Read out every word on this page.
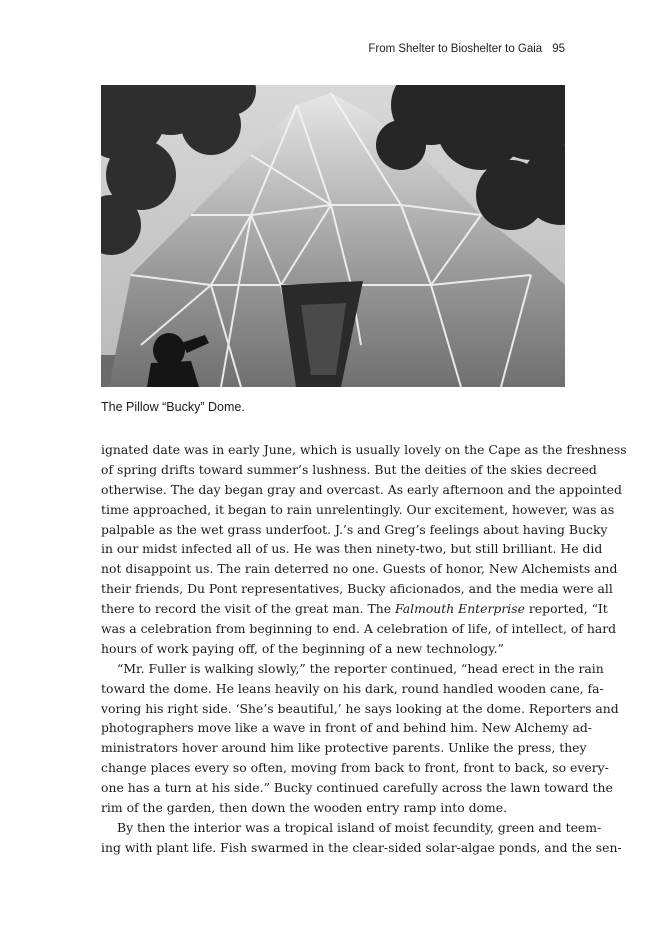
From Shelter to Bioshelter to Gaia 95
The Pillow “Bucky” Dome.
ignated date was in early June, which is usually lovely on the Cape as the freshness
of spring drifts toward summer’s lushness. But the deities of the skies decreed
otherwise. The day began gray and overcast. As early afternoon and the appointed
time approached, it began to rain unrelentingly. Our excitement, however, was as
palpable as the wet grass underfoot. J.’s and Greg’s feelings about having Bucky
in our midst infected all of us. He was then ninety-two, but still brilliant. He did
not disappoint us. The rain deterred no one. Guests of honor, New Alchemists and
their friends, Du Pont representatives, Bucky aficionados, and the media were all
there to record the visit of the great man. The Falmouth Enterprise reported, “It
was a celebration from beginning to end. A celebration of life, of intellect, of hard
hours of work paying off, of the beginning of a new technology.”
“Mr. Fuller is walking slowly,” the reporter continued, “head erect in the rain
toward the dome. He leans heavily on his dark, round handled wooden cane, fa-
voring his right side. ‘She’s beautiful,’ he says looking at the dome. Reporters and
photographers move like a wave in front of and behind him. New Alchemy ad-
ministrators hover around him like protective parents. Unlike the press, they
change places every so often, moving from back to front, front to back, so every-
one has a turn at his side.” Bucky continued carefully across the lawn toward the
rim of the garden, then down the wooden entry ramp into dome.
By then the interior was a tropical island of moist fecundity, green and teem-
ing with plant life. Fish swarmed in the clear-sided solar-algae ponds, and the sen-
